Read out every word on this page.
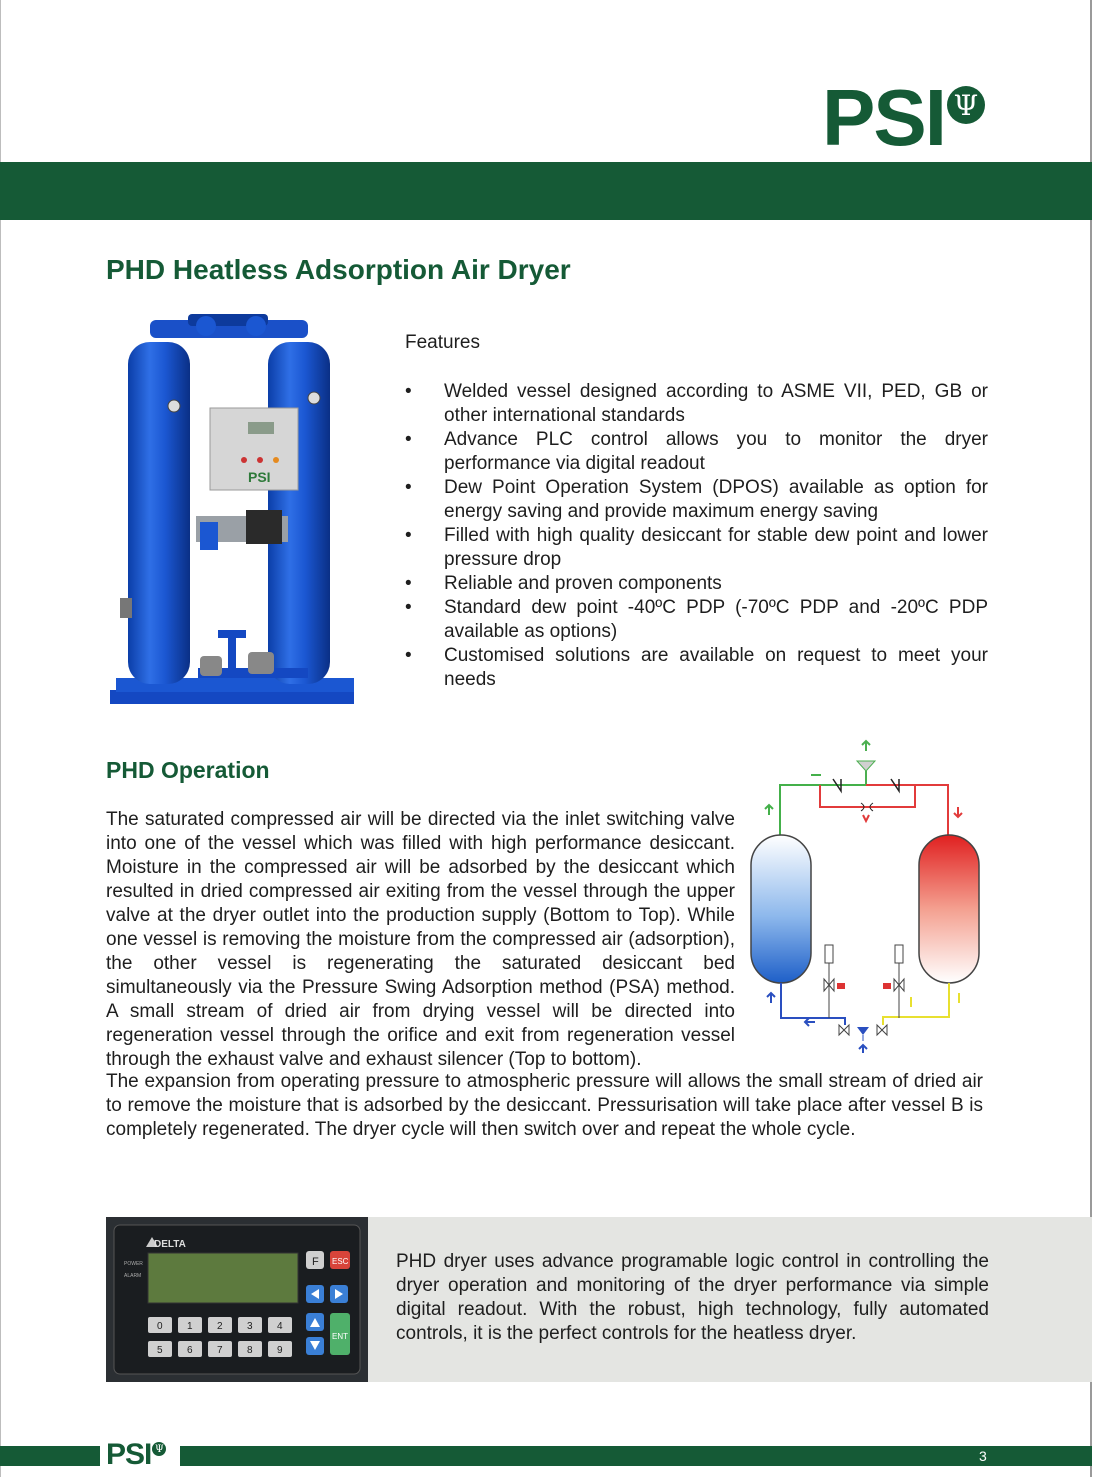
PSI Ψ
PHD Heatless Adsorption Air Dryer
PSI
Features
• Welded vessel designed according to ASME VII, PED, GB or other international standards
• Advance PLC control allows you to monitor the dryer performance via digital readout
• Dew Point Operation System (DPOS) available as option for energy saving and provide maximum energy saving
• Filled with high quality desiccant for stable dew point and lower pressure drop
• Reliable and proven components
• Standard dew point -40ºC PDP (-70ºC PDP and -20ºC PDP available as options)
• Customised solutions are available on request to meet your needs
PHD Operation

The saturated compressed air will be directed via the inlet switching valve into one of the vessel which was filled with high performance desiccant. Moisture in the compressed air will be adsorbed by the desiccant which resulted in dried compressed air exiting from the vessel through the upper valve at the dryer outlet into the production supply (Bottom to Top). While one vessel is removing the moisture from the compressed air (adsorption), the other vessel is regenerating the saturated desiccant bed simultaneously via the Pressure Swing Adsorption method (PSA) method. A small stream of dried air from drying vessel will be directed into regeneration vessel through the orifice and exit from regeneration vessel through the exhaust valve and exhaust silencer (Top to bottom).

The expansion from operating pressure to atmospheric pressure will allows the small stream of dried air to remove the moisture that is adsorbed by the desiccant. Pressurisation will take place after vessel B is completely regenerated. The dryer cycle will then switch over and repeat the whole cycle.

DELTA
POWER
ALARM
F ESC
ENT
0 1 2 3 4
5 6 7 8 9

PHD dryer uses advance programable logic control in controlling the dryer operation and monitoring of the dryer performance via simple digital readout. With the robust, high technology, fully automated controls, it is the perfect controls for the heatless dryer.

PSI Ψ	3
